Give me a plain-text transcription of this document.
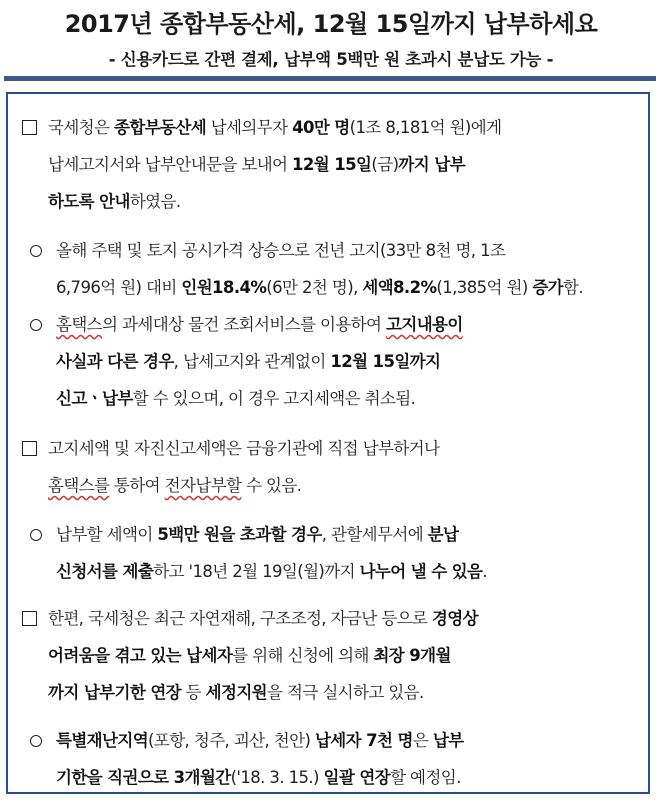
2017년 종합부동산세, 12월 15일까지 납부하세요
- 신용카드로 간편 결제, 납부액 5백만 원 초과시 분납도 가능 -
국세청은 종합부동산세 납세의무자 40만 명(1조 8,181억 원)에게
납세고지서와 납부안내문을 보내어 12월 15일(금)까지 납부
하도록 안내하였음.
올해 주택 및 토지 공시가격 상승으로 전년 고지(33만 8천 명, 1조
6,796억 원) 대비 인원18.4%(6만 2천 명), 세액8.2%(1,385억 원) 증가함.
홈택스의 과세대상 물건 조회서비스를 이용하여 고지내용이
사실과 다른 경우, 납세고지와 관계없이 12월 15일까지
신고ㆍ납부할 수 있으며, 이 경우 고지세액은 취소됨.
고지세액 및 자진신고세액은 금융기관에 직접 납부하거나
홈택스를 통하여 전자납부할 수 있음.
납부할 세액이 5백만 원을 초과할 경우, 관할세무서에 분납
신청서를 제출하고 '18년 2월 19일(월)까지 나누어 낼 수 있음.
한편, 국세청은 최근 자연재해, 구조조정, 자금난 등으로 경영상
어려움을 겪고 있는 납세자를 위해 신청에 의해 최장 9개월
까지 납부기한 연장 등 세정지원을 적극 실시하고 있음.
특별재난지역(포항, 청주, 괴산, 천안) 납세자 7천 명은 납부
기한을 직권으로 3개월간('18. 3. 15.) 일괄 연장할 예정임.
